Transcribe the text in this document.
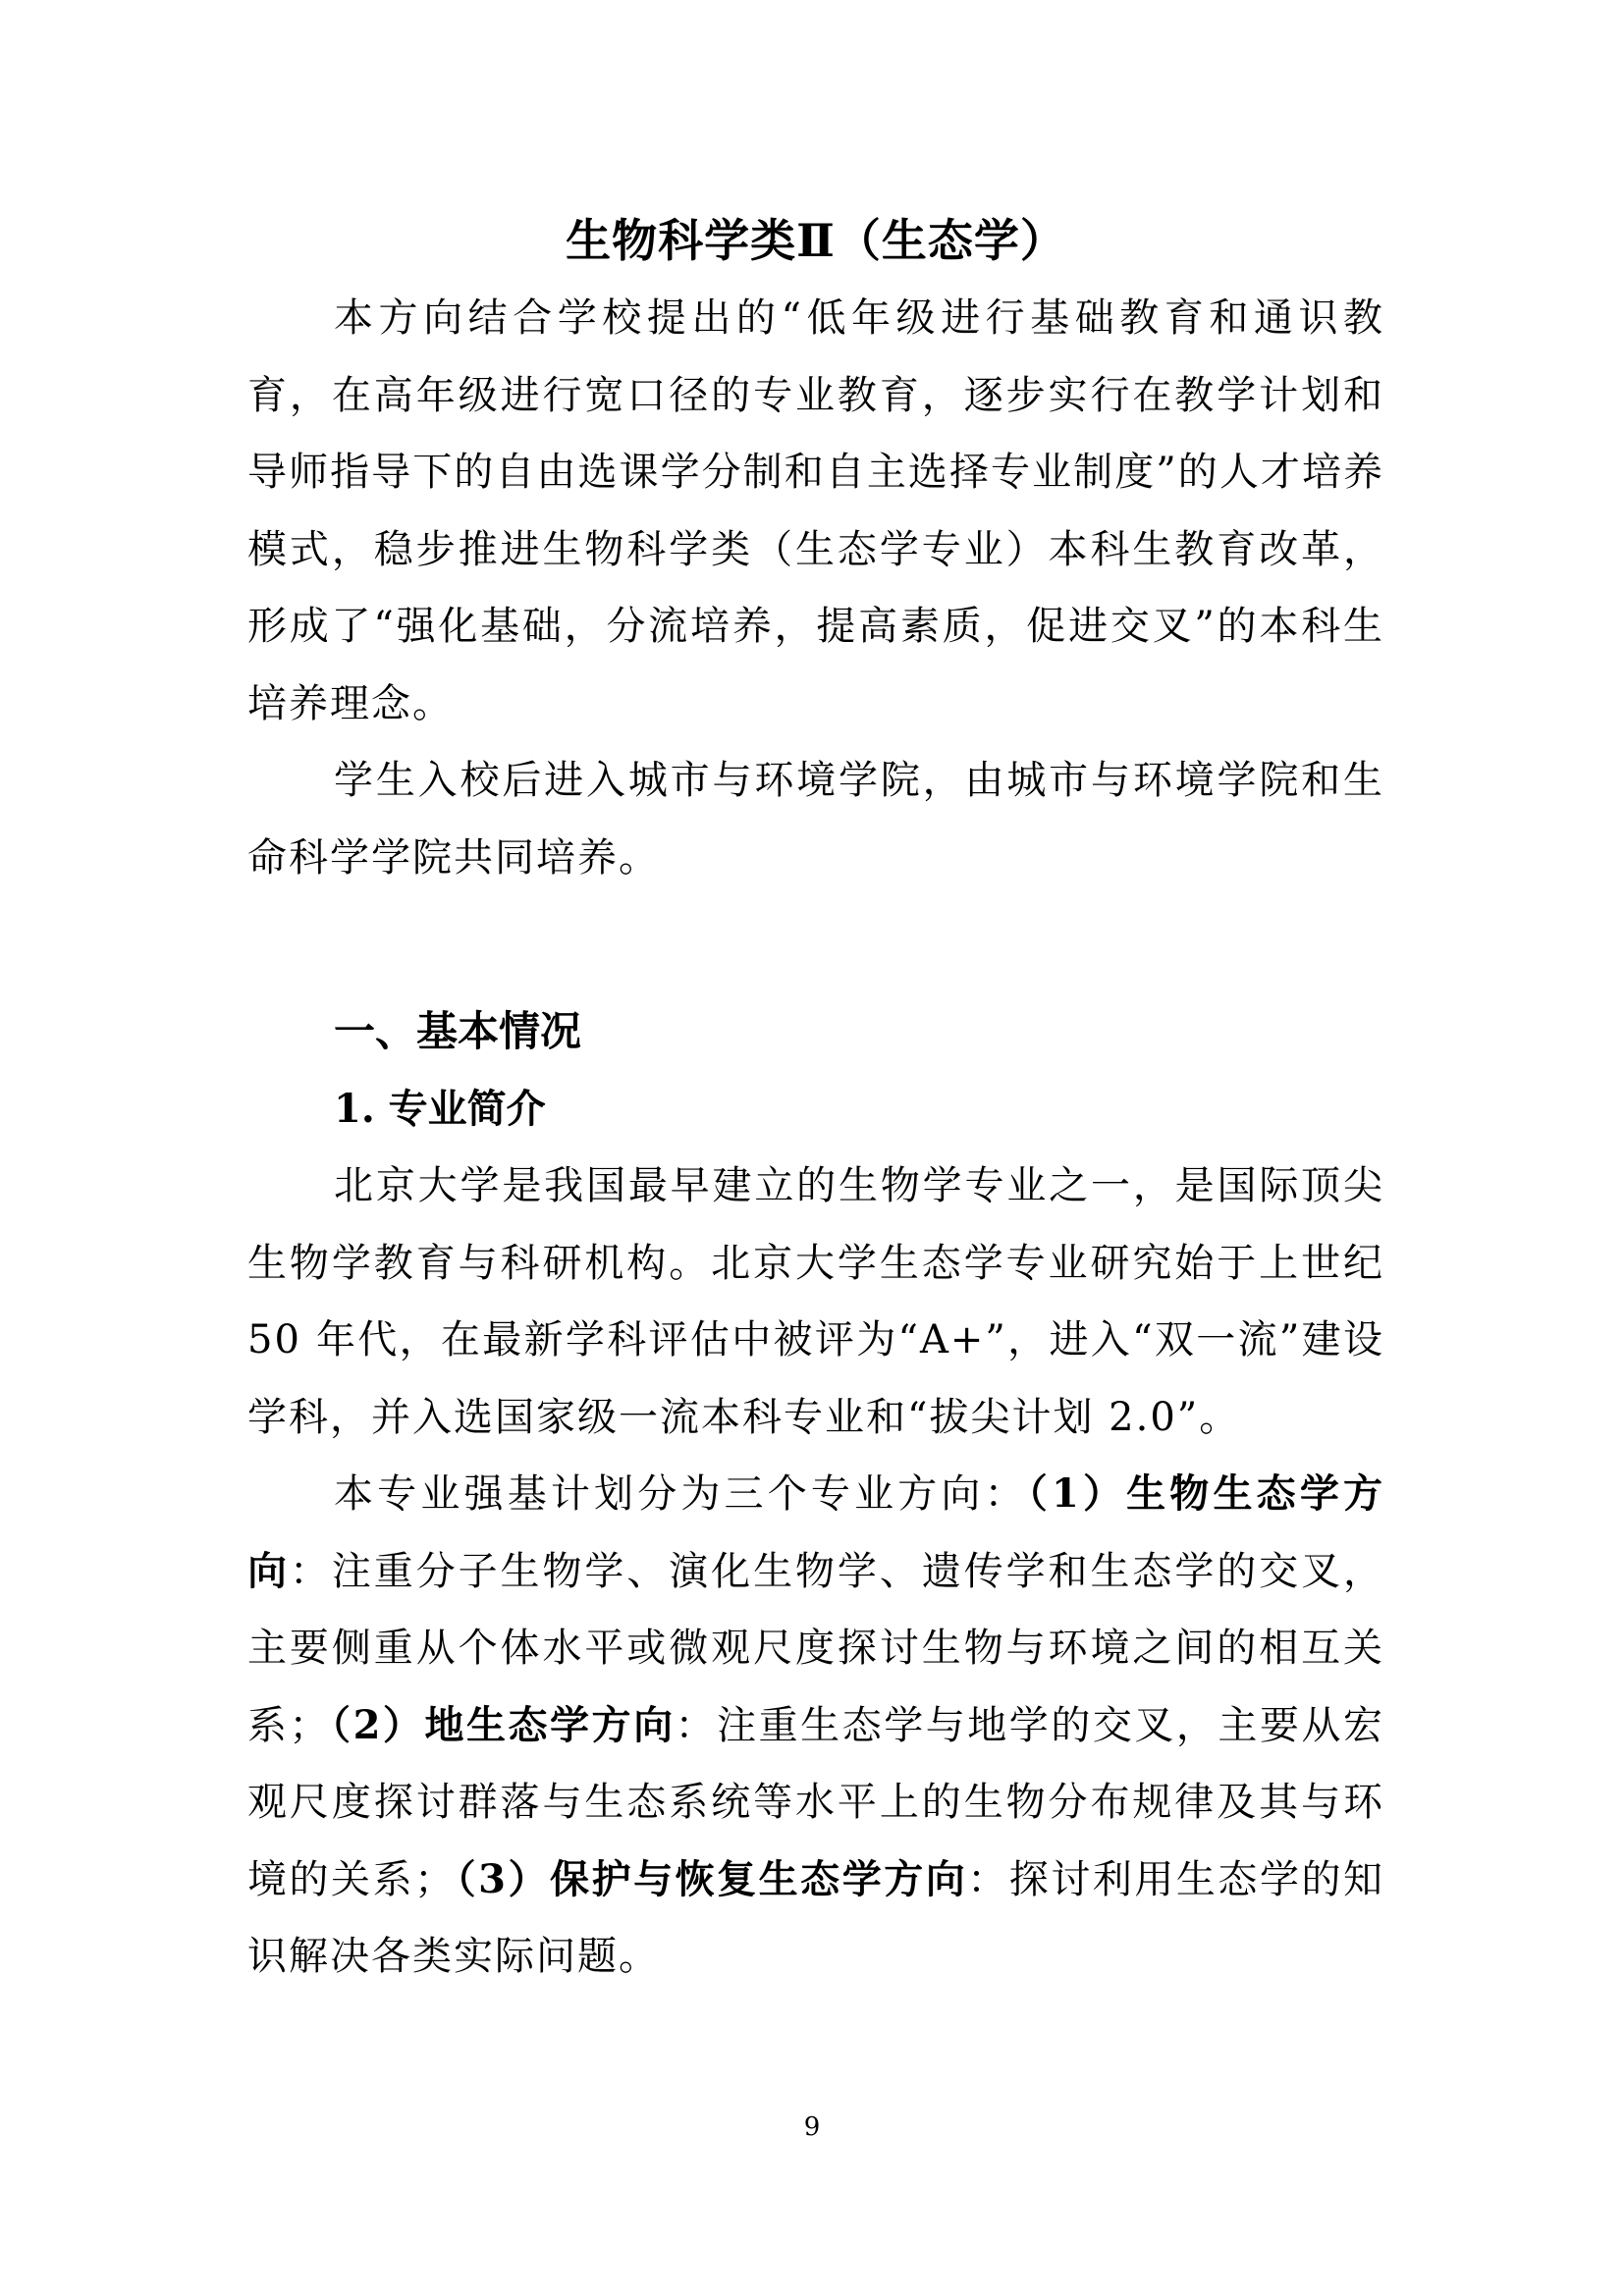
生物科学类Ⅱ（生态学）

本方向结合学校提出的“低年级进行基础教育和通识教育，在高年级进行宽口径的专业教育，逐步实行在教学计划和导师指导下的自由选课学分制和自主选择专业制度”的人才培养模式，稳步推进生物科学类（生态学专业）本科生教育改革，形成了“强化基础，分流培养，提高素质，促进交叉”的本科生培养理念。

学生入校后进入城市与环境学院，由城市与环境学院和生命科学学院共同培养。

一、基本情况
1. 专业简介

北京大学是我国最早建立的生物学专业之一，是国际顶尖生物学教育与科研机构。北京大学生态学专业研究始于上世纪 50 年代，在最新学科评估中被评为“A+”，进入“双一流”建设学科，并入选国家级一流本科专业和“拔尖计划 2.0”。

本专业强基计划分为三个专业方向：（1）生物生态学方向：注重分子生物学、演化生物学、遗传学和生态学的交叉，主要侧重从个体水平或微观尺度探讨生物与环境之间的相互关系；（2）地生态学方向：注重生态学与地学的交叉，主要从宏观尺度探讨群落与生态系统等水平上的生物分布规律及其与环境的关系；（3）保护与恢复生态学方向：探讨利用生态学的知识解决各类实际问题。

9
